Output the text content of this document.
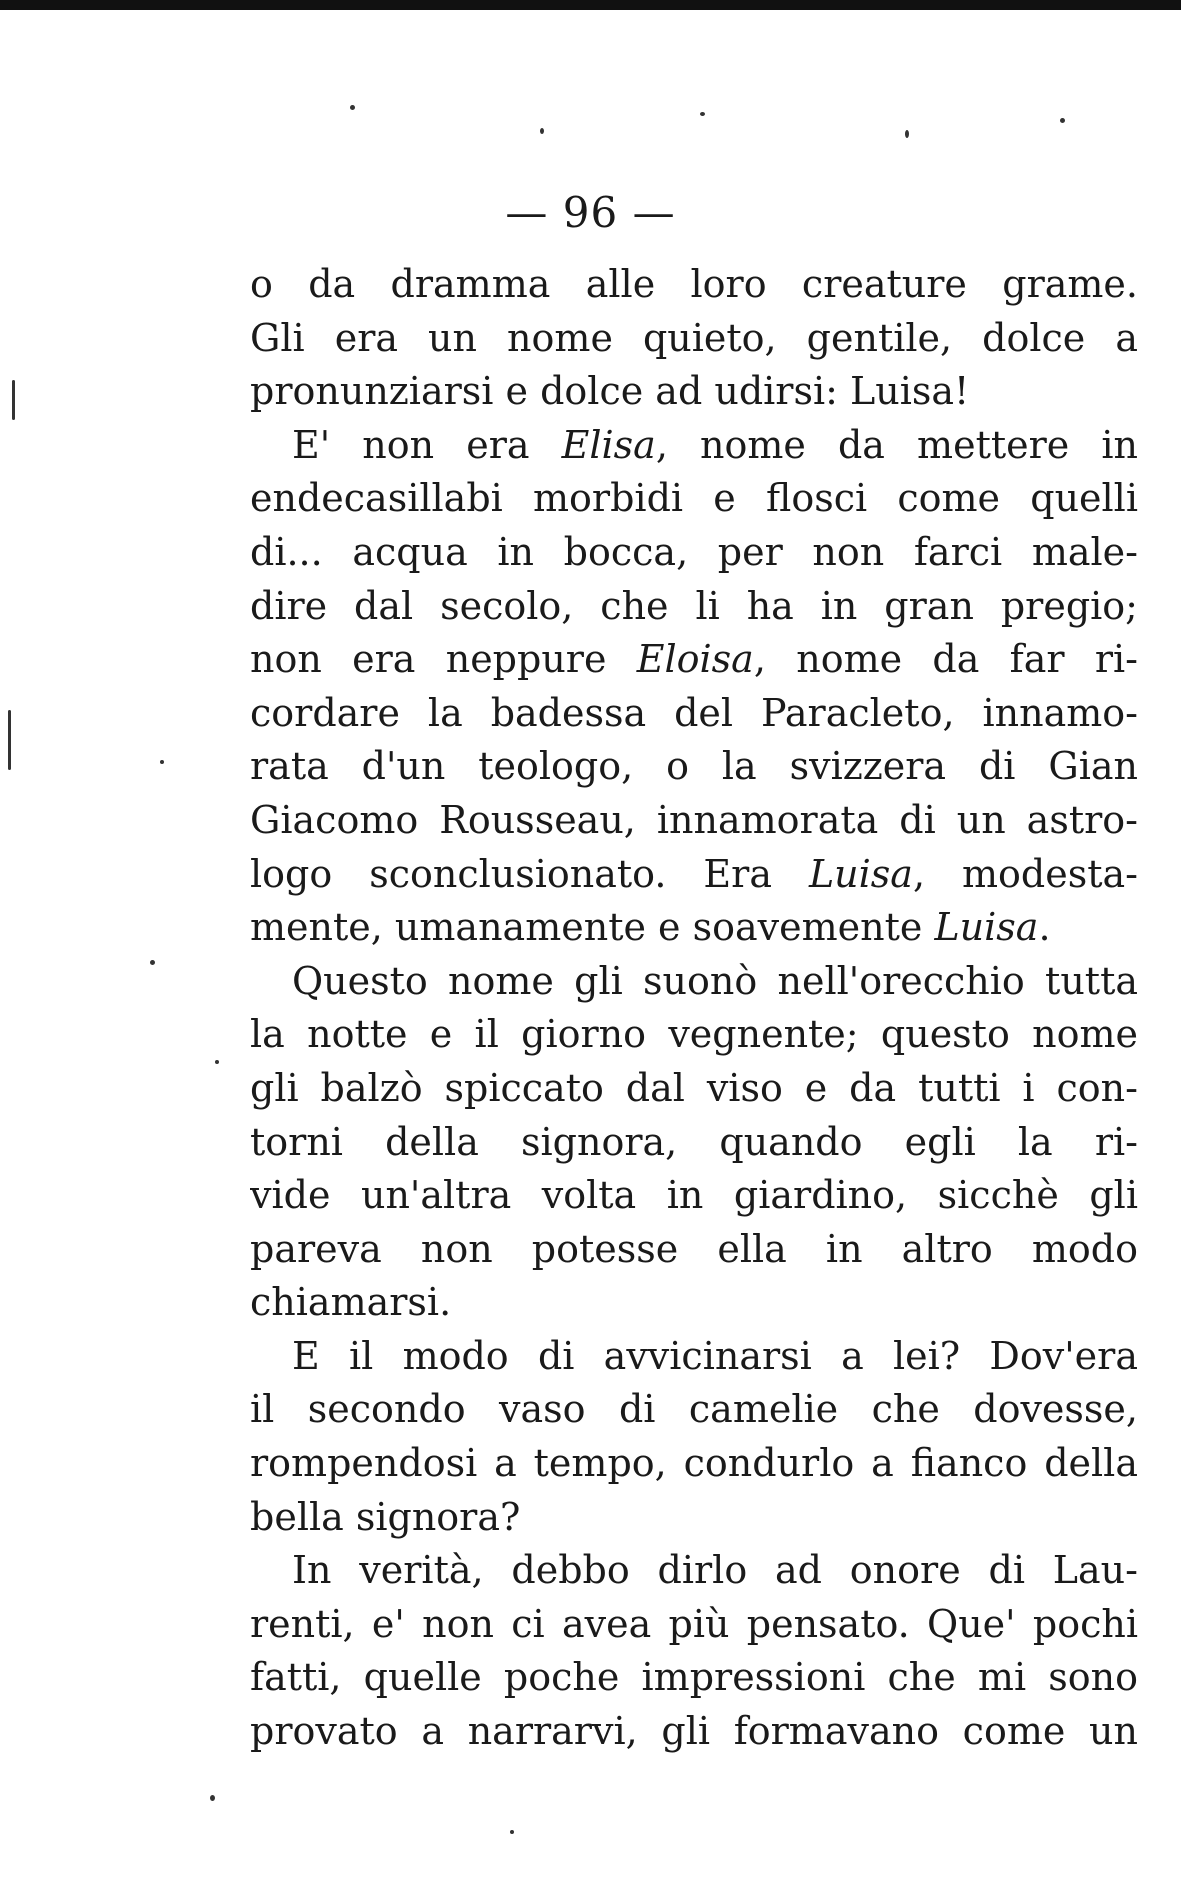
— 96 —
o da dramma alle loro creature grame.
Gli era un nome quieto, gentile, dolce a
pronunziarsi e dolce ad udirsi: Luisa!
E' non era Elisa, nome da mettere in
endecasillabi morbidi e flosci come quelli
di... acqua in bocca, per non farci male-
dire dal secolo, che li ha in gran pregio;
non era neppure Eloisa, nome da far ri-
cordare la badessa del Paracleto, innamo-
rata d'un teologo, o la svizzera di Gian
Giacomo Rousseau, innamorata di un astro-
logo sconclusionato. Era Luisa, modesta-
mente, umanamente e soavemente Luisa.
Questo nome gli suonò nell'orecchio tutta
la notte e il giorno vegnente; questo nome
gli balzò spiccato dal viso e da tutti i con-
torni della signora, quando egli la ri-
vide un'altra volta in giardino, sicchè gli
pareva non potesse ella in altro modo
chiamarsi.
E il modo di avvicinarsi a lei? Dov'era
il secondo vaso di camelie che dovesse,
rompendosi a tempo, condurlo a fianco della
bella signora?
In verità, debbo dirlo ad onore di Lau-
renti, e' non ci avea più pensato. Que' pochi
fatti, quelle poche impressioni che mi sono
provato a narrarvi, gli formavano come un
